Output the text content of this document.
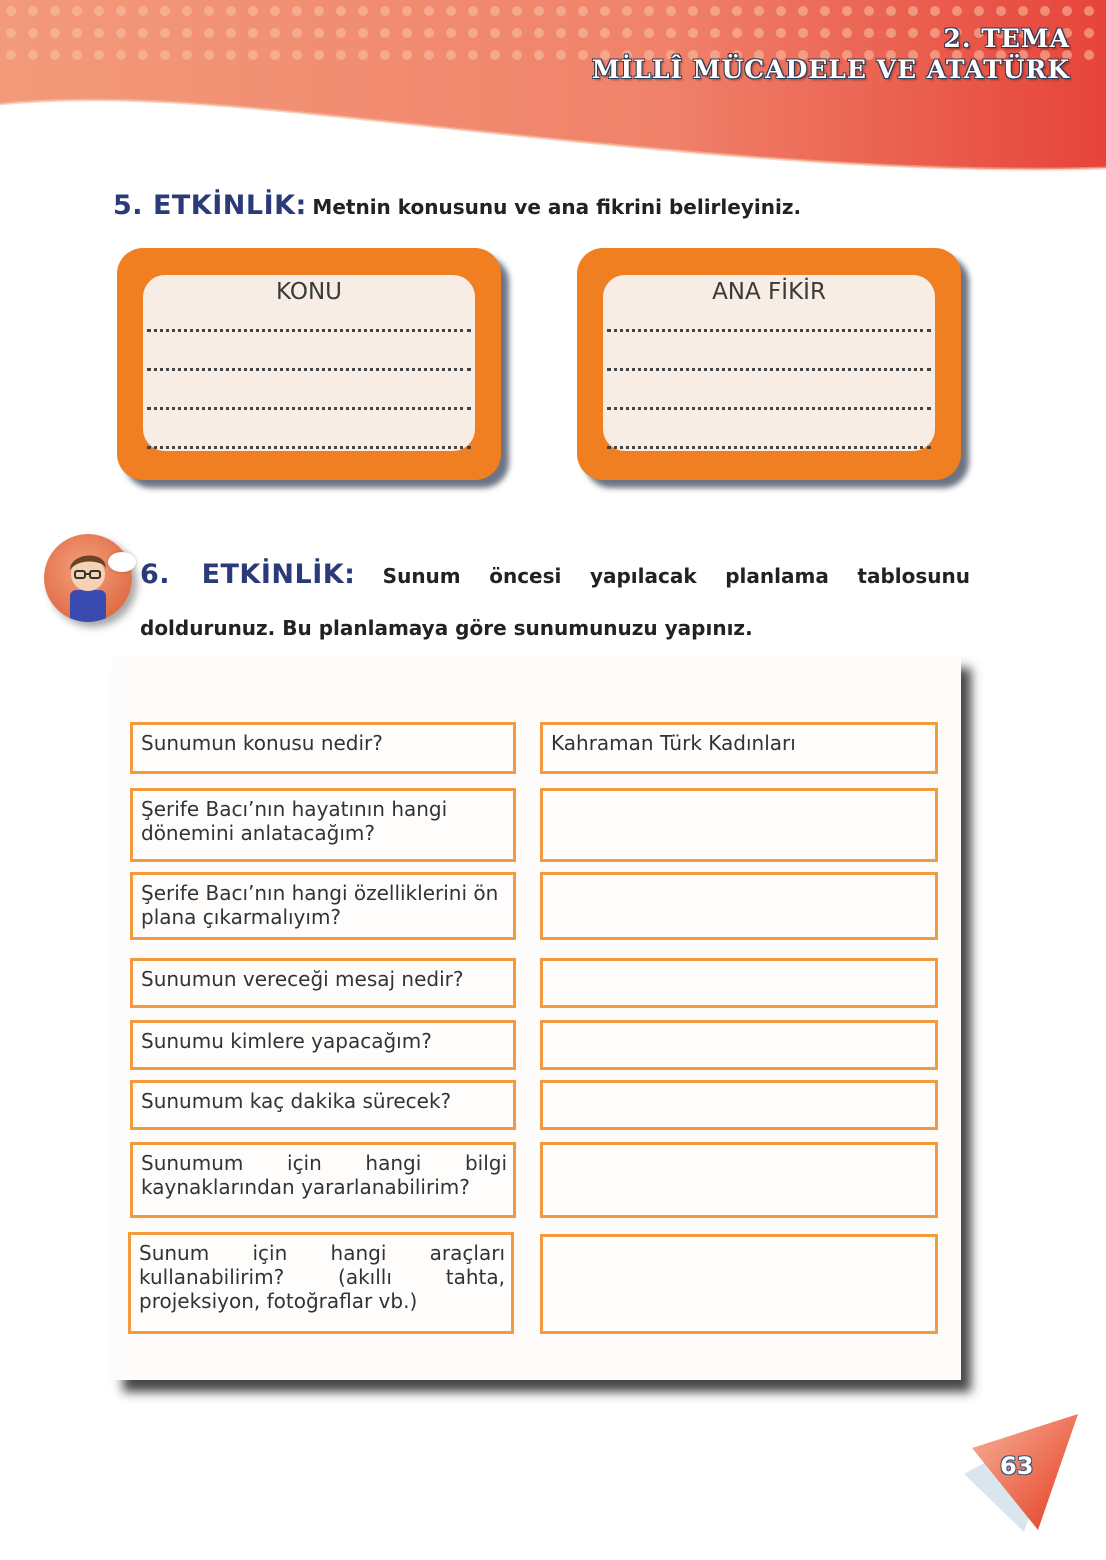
2. TEMA
MİLLÎ MÜCADELE VE ATATÜRK
5. ETKİNLİK: Metnin konusunu ve ana fikrini belirleyiniz.
KONU	ANA FİKİR
6. ETKİNLİK: Sunum öncesi yapılacak planlama tablosunu doldurunuz. Bu planlamaya göre sunumunuzu yapınız.
Sunumun konusu nedir?	Kahraman Türk Kadınları
Şerife Bacı’nın hayatının hangi dönemini anlatacağım?
Şerife Bacı’nın hangi özelliklerini ön plana çıkarmalıyım?
Sunumun vereceği mesaj nedir?
Sunumu kimlere yapacağım?
Sunumum kaç dakika sürecek?
Sunumum için hangi bilgi kaynaklarından yararlanabilirim?
Sunum için hangi araçları kullanabilirim? (akıllı tahta, projeksiyon, fotoğraflar vb.)
63
